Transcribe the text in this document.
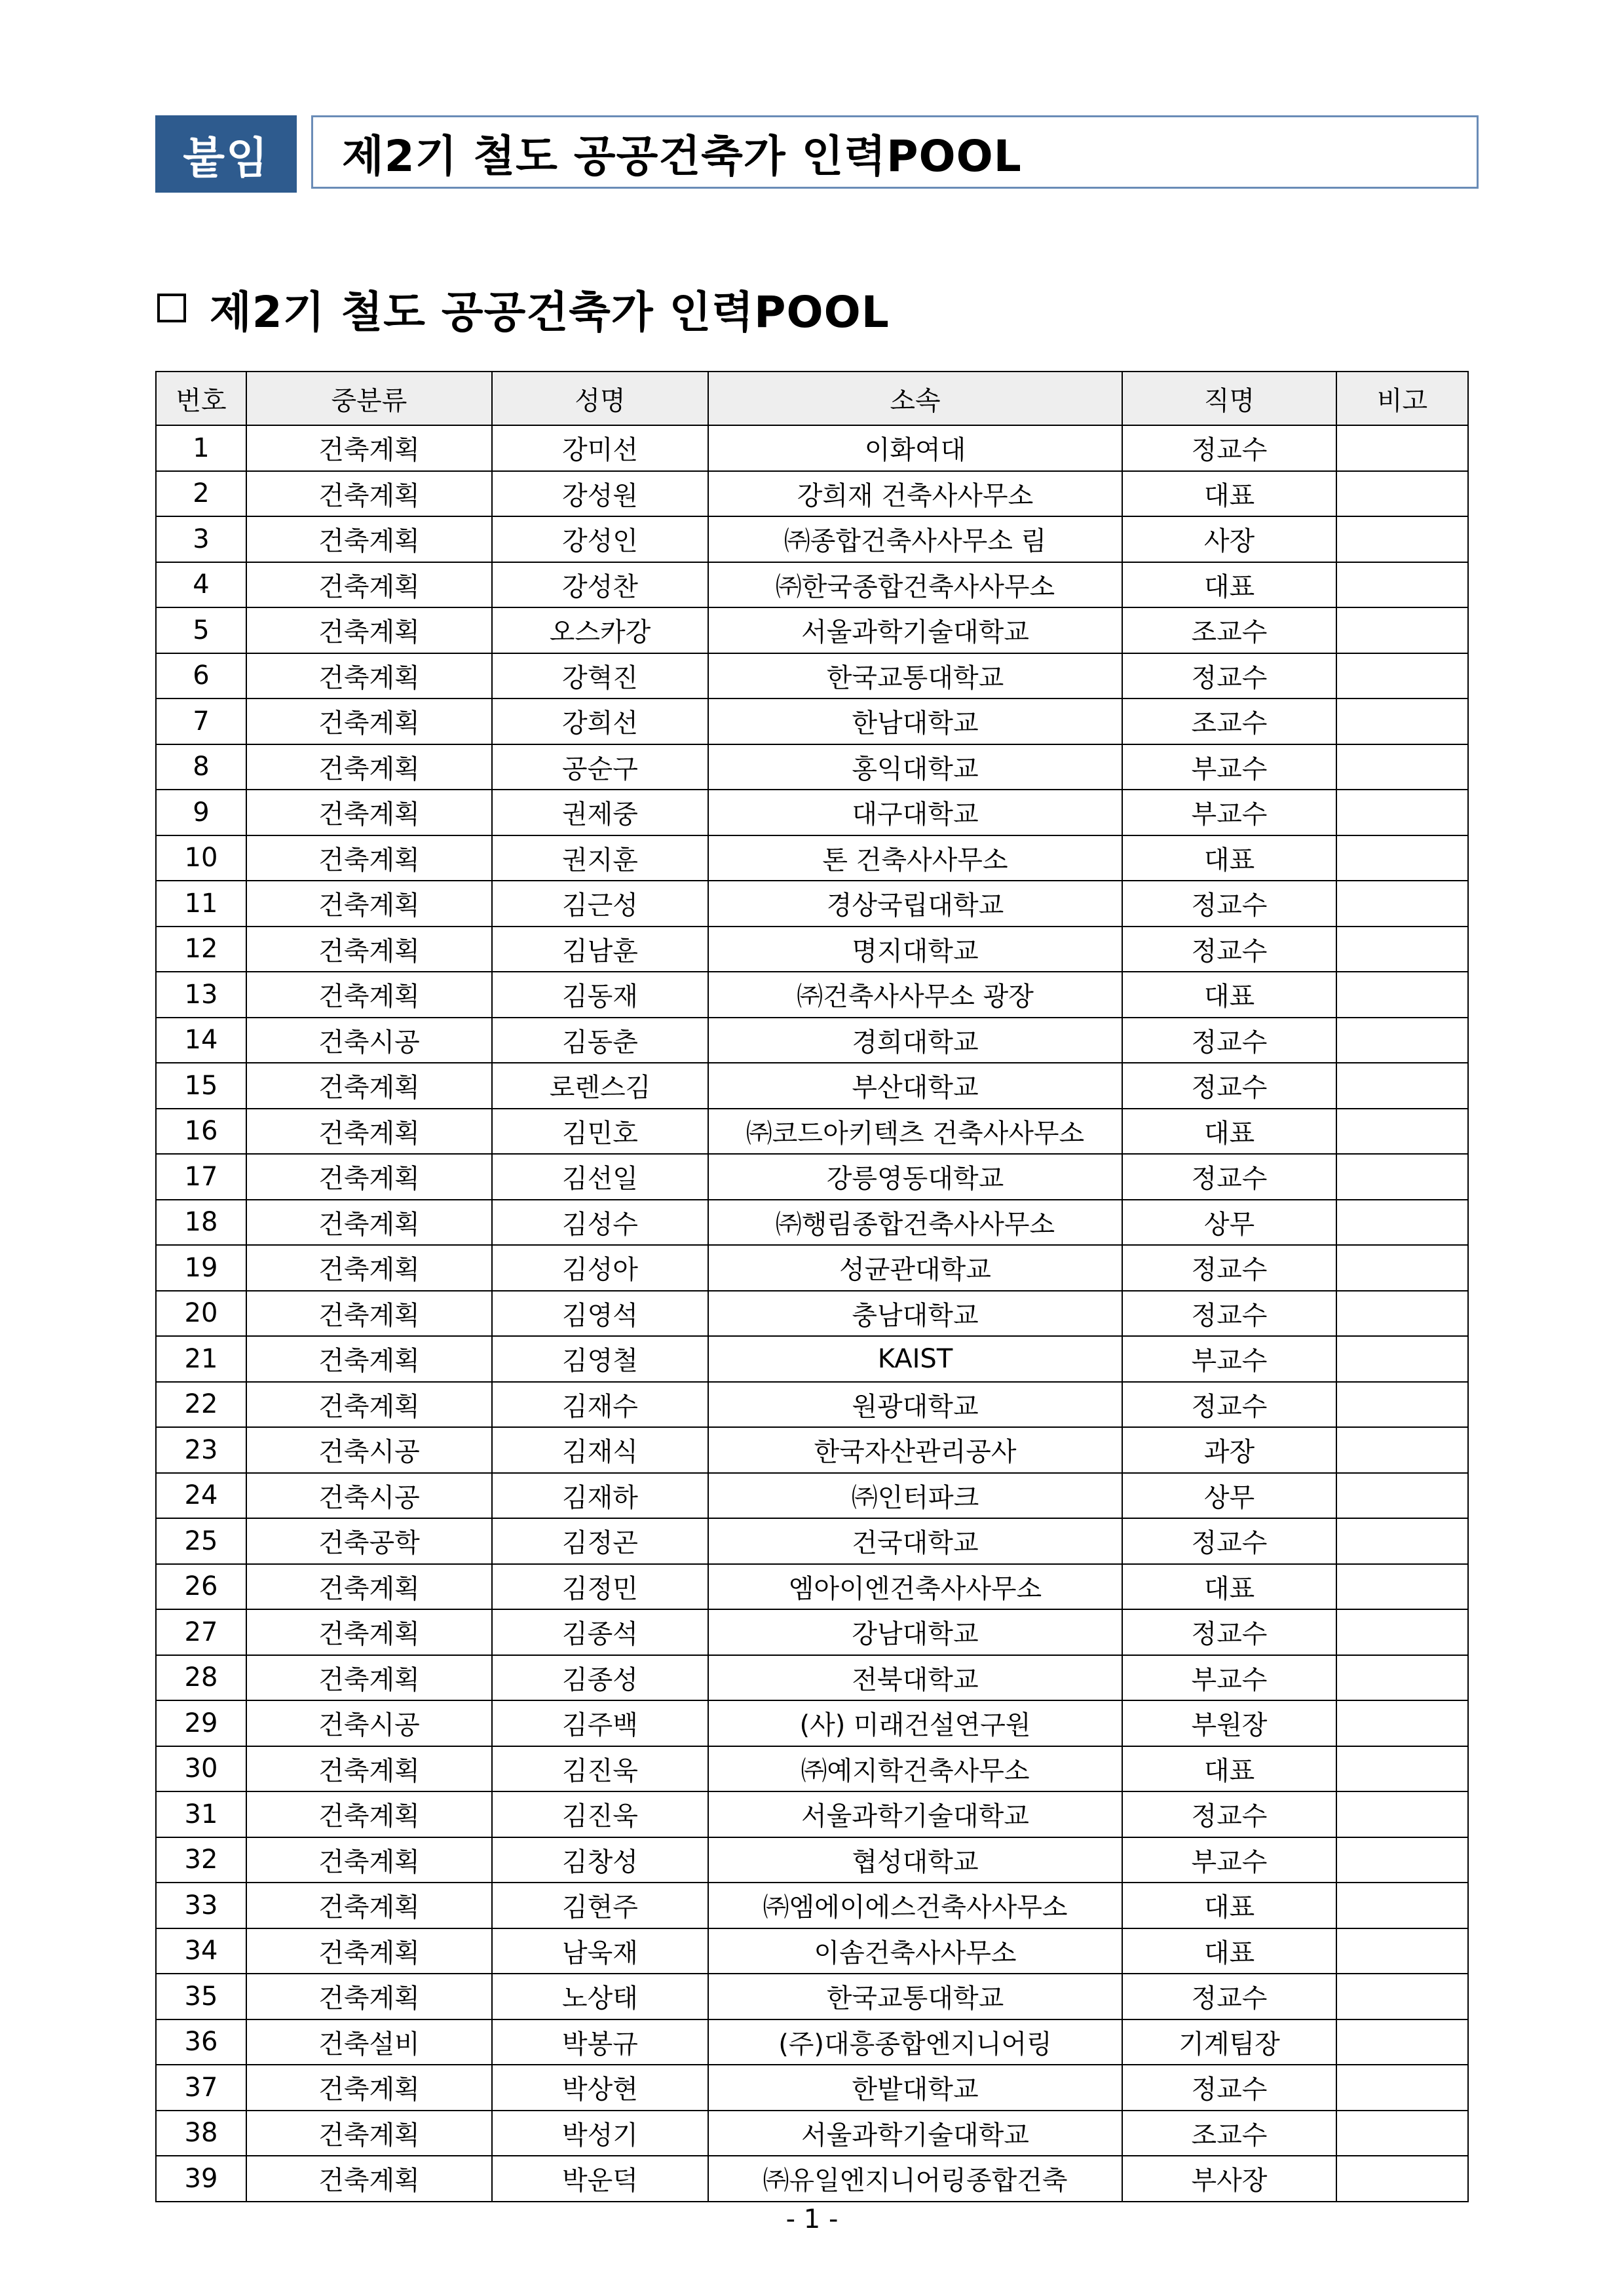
붙임	제2기 철도 공공건축가 인력POOL
제2기 철도 공공건축가 인력POOL
번호	중분류	성명	소속	직명	비고
1	건축계획	강미선	이화여대	정교수	
2	건축계획	강성원	강희재 건축사사무소	대표	
3	건축계획	강성인	㈜종합건축사사무소 림	사장	
4	건축계획	강성찬	㈜한국종합건축사사무소	대표	
5	건축계획	오스카강	서울과학기술대학교	조교수	
6	건축계획	강혁진	한국교통대학교	정교수	
7	건축계획	강희선	한남대학교	조교수	
8	건축계획	공순구	홍익대학교	부교수	
9	건축계획	권제중	대구대학교	부교수	
10	건축계획	권지훈	톤 건축사사무소	대표	
11	건축계획	김근성	경상국립대학교	정교수	
12	건축계획	김남훈	명지대학교	정교수	
13	건축계획	김동재	㈜건축사사무소 광장	대표	
14	건축시공	김동춘	경희대학교	정교수	
15	건축계획	로렌스김	부산대학교	정교수	
16	건축계획	김민호	㈜코드아키텍츠 건축사사무소	대표	
17	건축계획	김선일	강릉영동대학교	정교수	
18	건축계획	김성수	㈜행림종합건축사사무소	상무	
19	건축계획	김성아	성균관대학교	정교수	
20	건축계획	김영석	충남대학교	정교수	
21	건축계획	김영철	KAIST	부교수	
22	건축계획	김재수	원광대학교	정교수	
23	건축시공	김재식	한국자산관리공사	과장	
24	건축시공	김재하	㈜인터파크	상무	
25	건축공학	김정곤	건국대학교	정교수	
26	건축계획	김정민	엠아이엔건축사사무소	대표	
27	건축계획	김종석	강남대학교	정교수	
28	건축계획	김종성	전북대학교	부교수	
29	건축시공	김주백	(사) 미래건설연구원	부원장	
30	건축계획	김진욱	㈜예지학건축사무소	대표	
31	건축계획	김진욱	서울과학기술대학교	정교수	
32	건축계획	김창성	협성대학교	부교수	
33	건축계획	김현주	㈜엠에이에스건축사사무소	대표	
34	건축계획	남욱재	이솜건축사사무소	대표	
35	건축계획	노상태	한국교통대학교	정교수	
36	건축설비	박봉규	(주)대흥종합엔지니어링	기계팀장	
37	건축계획	박상현	한밭대학교	정교수	
38	건축계획	박성기	서울과학기술대학교	조교수	
39	건축계획	박운덕	㈜유일엔지니어링종합건축	부사장	
- 1 -
